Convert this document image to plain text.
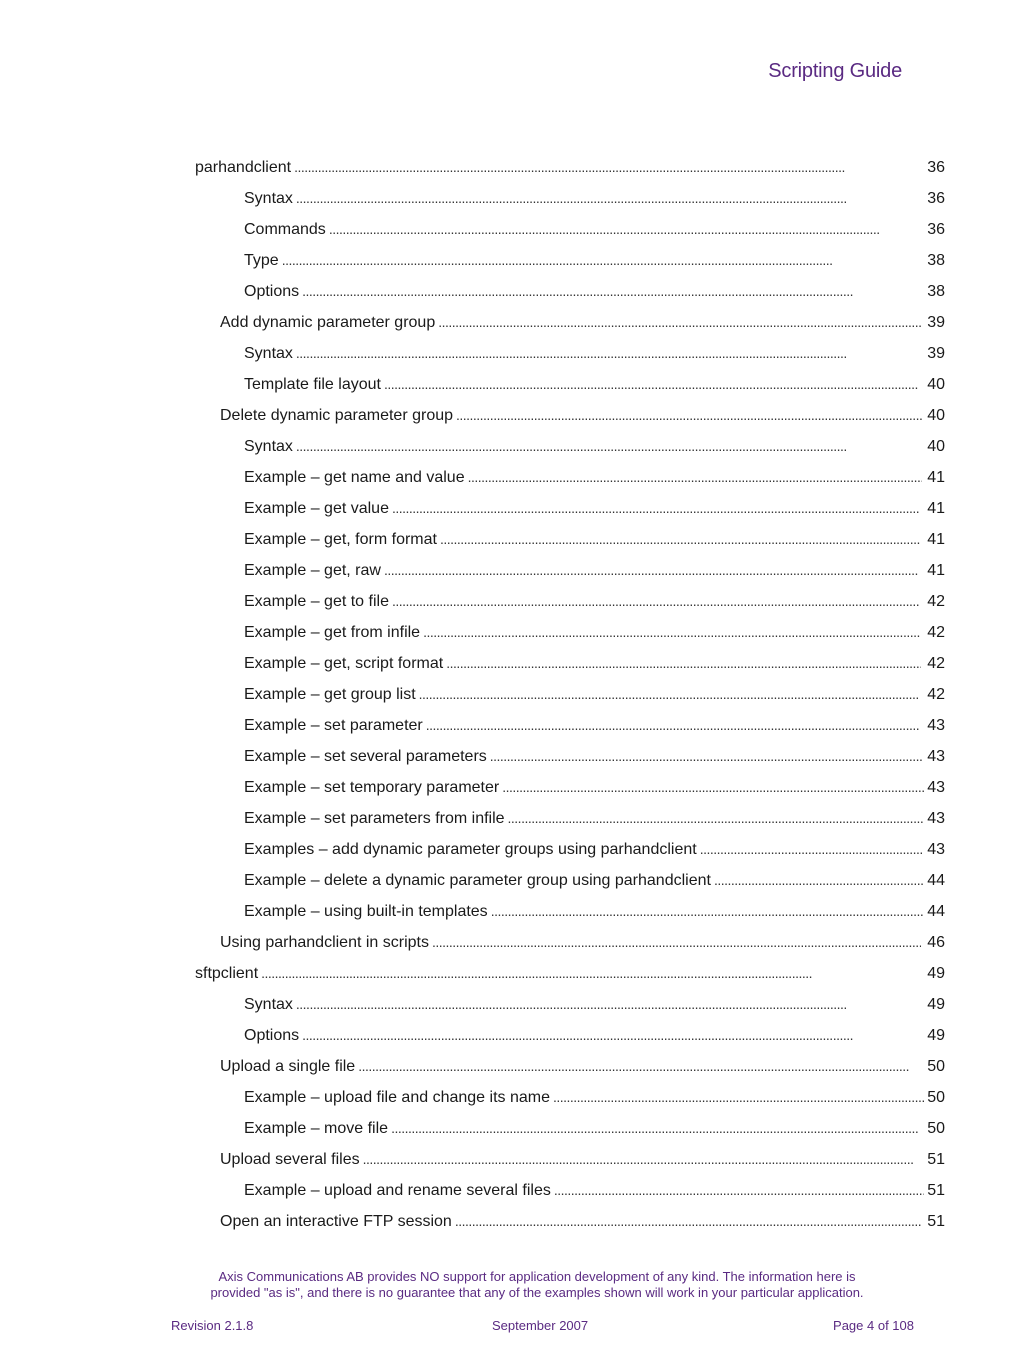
Scripting Guide
parhandclient . . .	36
Syntax . . .	36
Commands . . .	36
Type . . .	38
Options . . .	38
Add dynamic parameter group . . .	39
Syntax . . .	39
Template file layout . . .	40
Delete dynamic parameter group . . .	40
Syntax . . .	40
Example – get name and value . . .	41
Example – get value . . .	41
Example – get, form format . . .	41
Example – get, raw . . .	41
Example – get to file . . .	42
Example – get from infile . . .	42
Example – get, script format . . .	42
Example – get group list . . .	42
Example – set parameter . . .	43
Example – set several parameters . . .	43
Example – set temporary parameter . . .	43
Example – set parameters from infile . . .	43
Examples – add dynamic parameter groups using parhandclient . . .	43
Example – delete a dynamic parameter group using parhandclient . . .	44
Example – using built-in templates . . .	44
Using parhandclient in scripts . . .	46
sftpclient . . .	49
Syntax . . .	49
Options . . .	49
Upload a single file . . .	50
Example – upload file and change its name . . .	50
Example – move file . . .	50
Upload several files . . .	51
Example – upload and rename several files . . .	51
Open an interactive FTP session . . .	51
Axis Communications AB provides NO support for application development of any kind. The information here is
provided "as is", and there is no guarantee that any of the examples shown will work in your particular application.
Revision 2.1.8	September 2007	Page 4 of 108
